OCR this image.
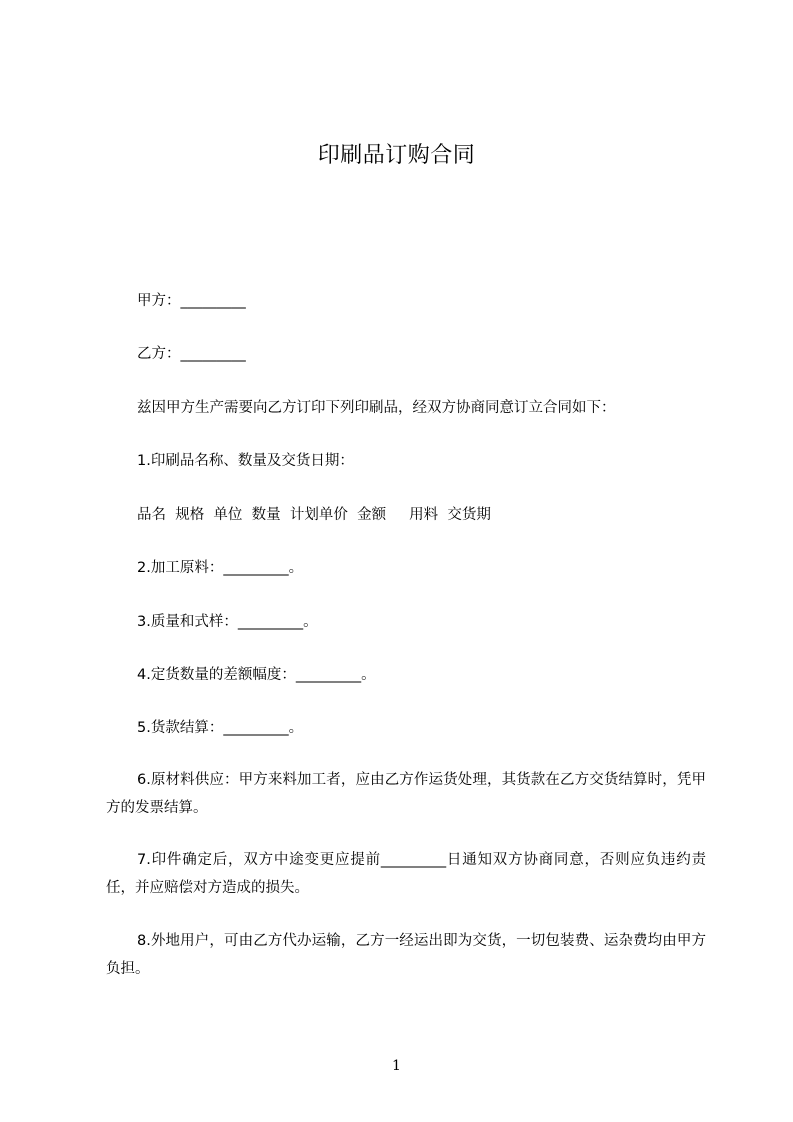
印刷品订购合同
甲方：_________
乙方：_________
兹因甲方生产需要向乙方订印下列印刷品，经双方协商同意订立合同如下：
1.印刷品名称、数量及交货日期：
品名  规格  单位  数量  计划单价  金额     用料  交货期
2.加工原料：_________。
3.质量和式样：_________。
4.定货数量的差额幅度：_________。
5.货款结算：_________。
6.原材料供应：甲方来料加工者，应由乙方作运货处理，其货款在乙方交货结算时，凭甲方的发票结算。
7.印件确定后，双方中途变更应提前_________日通知双方协商同意，否则应负违约责任，并应赔偿对方造成的损失。
8.外地用户，可由乙方代办运输，乙方一经运出即为交货，一切包装费、运杂费均由甲方负担。
1
